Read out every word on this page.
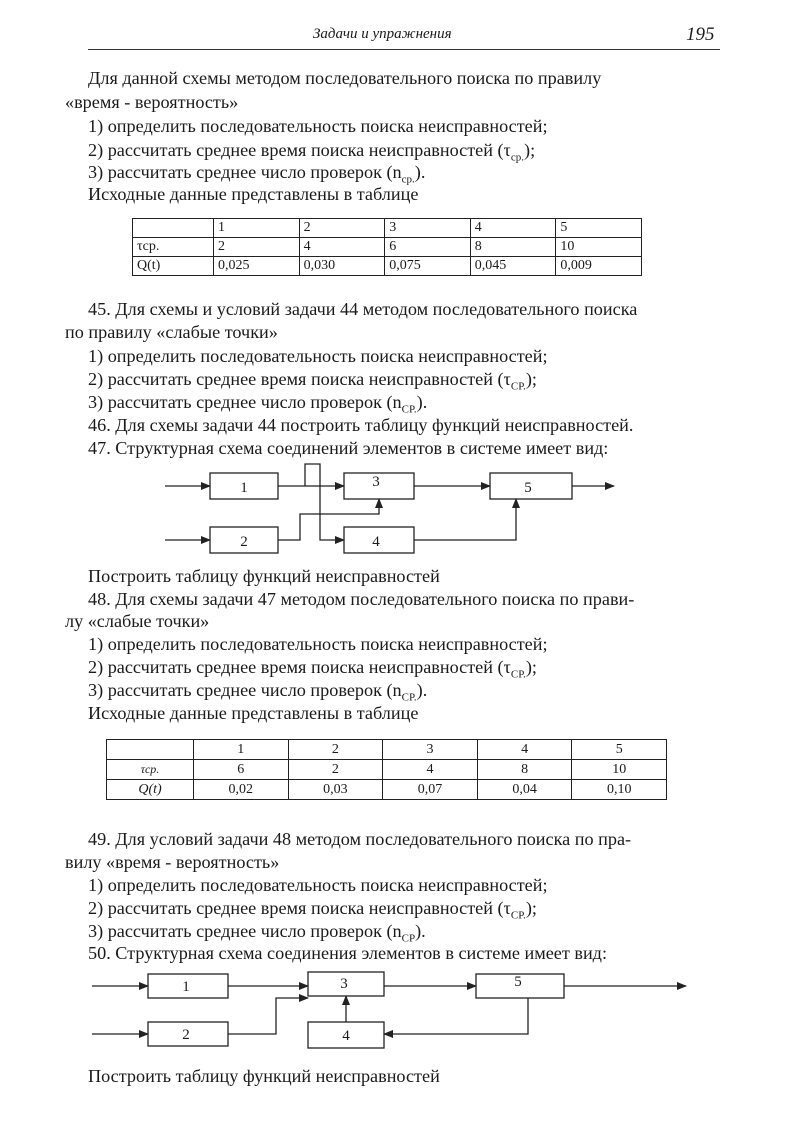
Задачи и упражнения	195
Для данной схемы методом последовательного поиска по правилу
«время - вероятность»
1) определить последовательность поиска неисправностей;
2) рассчитать среднее время поиска неисправностей $(\tau_{ср.})$;
3) рассчитать среднее число проверок $(n_{ср.})$.
Исходные данные представлены в таблице
	1	2	3	4	5
τср.	2	4	6	8	10
Q(t)	0,025	0,030	0,075	0,045	0,009
45. Для схемы и условий задачи 44 методом последовательного поиска
по правилу «слабые точки»
1) определить последовательность поиска неисправностей;
2) рассчитать среднее время поиска неисправностей $(\tau_{CP.})$;
3) рассчитать среднее число проверок $(n_{CP.})$.
46. Для схемы задачи 44 построить таблицу функций неисправностей.
47. Структурная схема соединений элементов в системе имеет вид:
1
2
3
4
5
Построить таблицу функций неисправностей
48. Для схемы задачи 47 методом последовательного поиска по прави-
лу «слабые точки»
1) определить последовательность поиска неисправностей;
2) рассчитать среднее время поиска неисправностей $(\tau_{CP.})$;
3) рассчитать среднее число проверок $(n_{CP.})$.
Исходные данные представлены в таблице
	1	2	3	4	5
τср.	6	2	4	8	10
Q(t)	0,02	0,03	0,07	0,04	0,10
49. Для условий задачи 48 методом последовательного поиска по пра-
вилу «время - вероятность»
1) определить последовательность поиска неисправностей;
2) рассчитать среднее время поиска неисправностей $(\tau_{CP.})$;
3) рассчитать среднее число проверок $(n_{CP})$.
50. Структурная схема соединения элементов в системе имеет вид:
1
2
3
4
5
Построить таблицу функций неисправностей
